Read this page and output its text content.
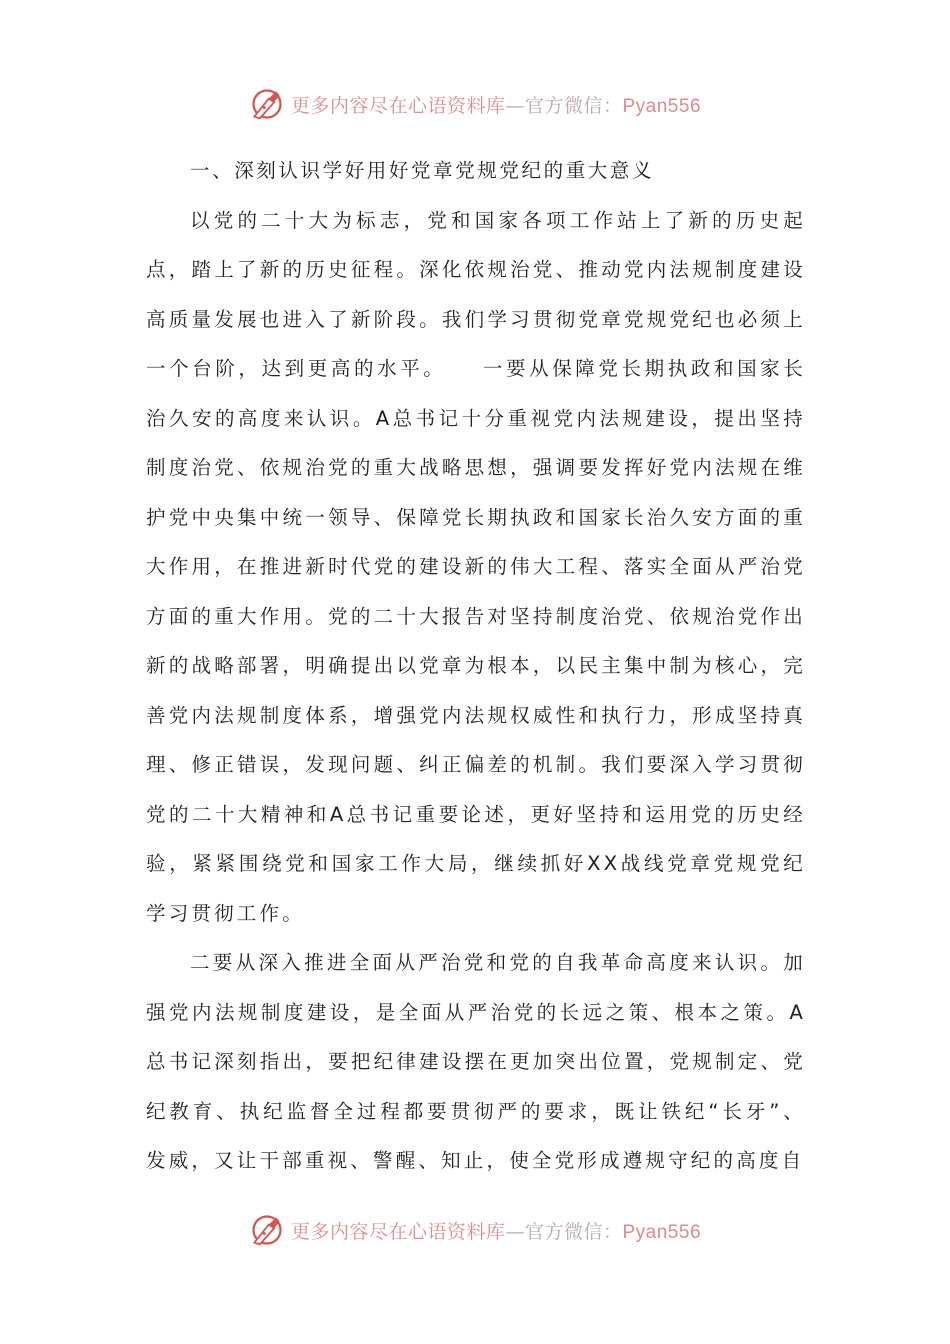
更多内容尽在心语资料库—官方微信：Pyan556

一、深刻认识学好用好党章党规党纪的重大意义

以党的二十大为标志，党和国家各项工作站上了新的历史起点，踏上了新的历史征程。深化依规治党、推动党内法规制度建设高质量发展也进入了新阶段。我们学习贯彻党章党规党纪也必须上一个台阶，达到更高的水平。　　一要从保障党长期执政和国家长治久安的高度来认识。A总书记十分重视党内法规建设，提出坚持制度治党、依规治党的重大战略思想，强调要发挥好党内法规在维护党中央集中统一领导、保障党长期执政和国家长治久安方面的重大作用，在推进新时代党的建设新的伟大工程、落实全面从严治党方面的重大作用。党的二十大报告对坚持制度治党、依规治党作出新的战略部署，明确提出以党章为根本，以民主集中制为核心，完善党内法规制度体系，增强党内法规权威性和执行力，形成坚持真理、修正错误，发现问题、纠正偏差的机制。我们要深入学习贯彻党的二十大精神和A总书记重要论述，更好坚持和运用党的历史经验，紧紧围绕党和国家工作大局，继续抓好XX战线党章党规党纪学习贯彻工作。

二要从深入推进全面从严治党和党的自我革命高度来认识。加强党内法规制度建设，是全面从严治党的长远之策、根本之策。A总书记深刻指出，要把纪律建设摆在更加突出位置，党规制定、党纪教育、执纪监督全过程都要贯彻严的要求，既让铁纪“长牙”、发威，又让干部重视、警醒、知止，使全党形成遵规守纪的高度自

更多内容尽在心语资料库—官方微信：Pyan556
